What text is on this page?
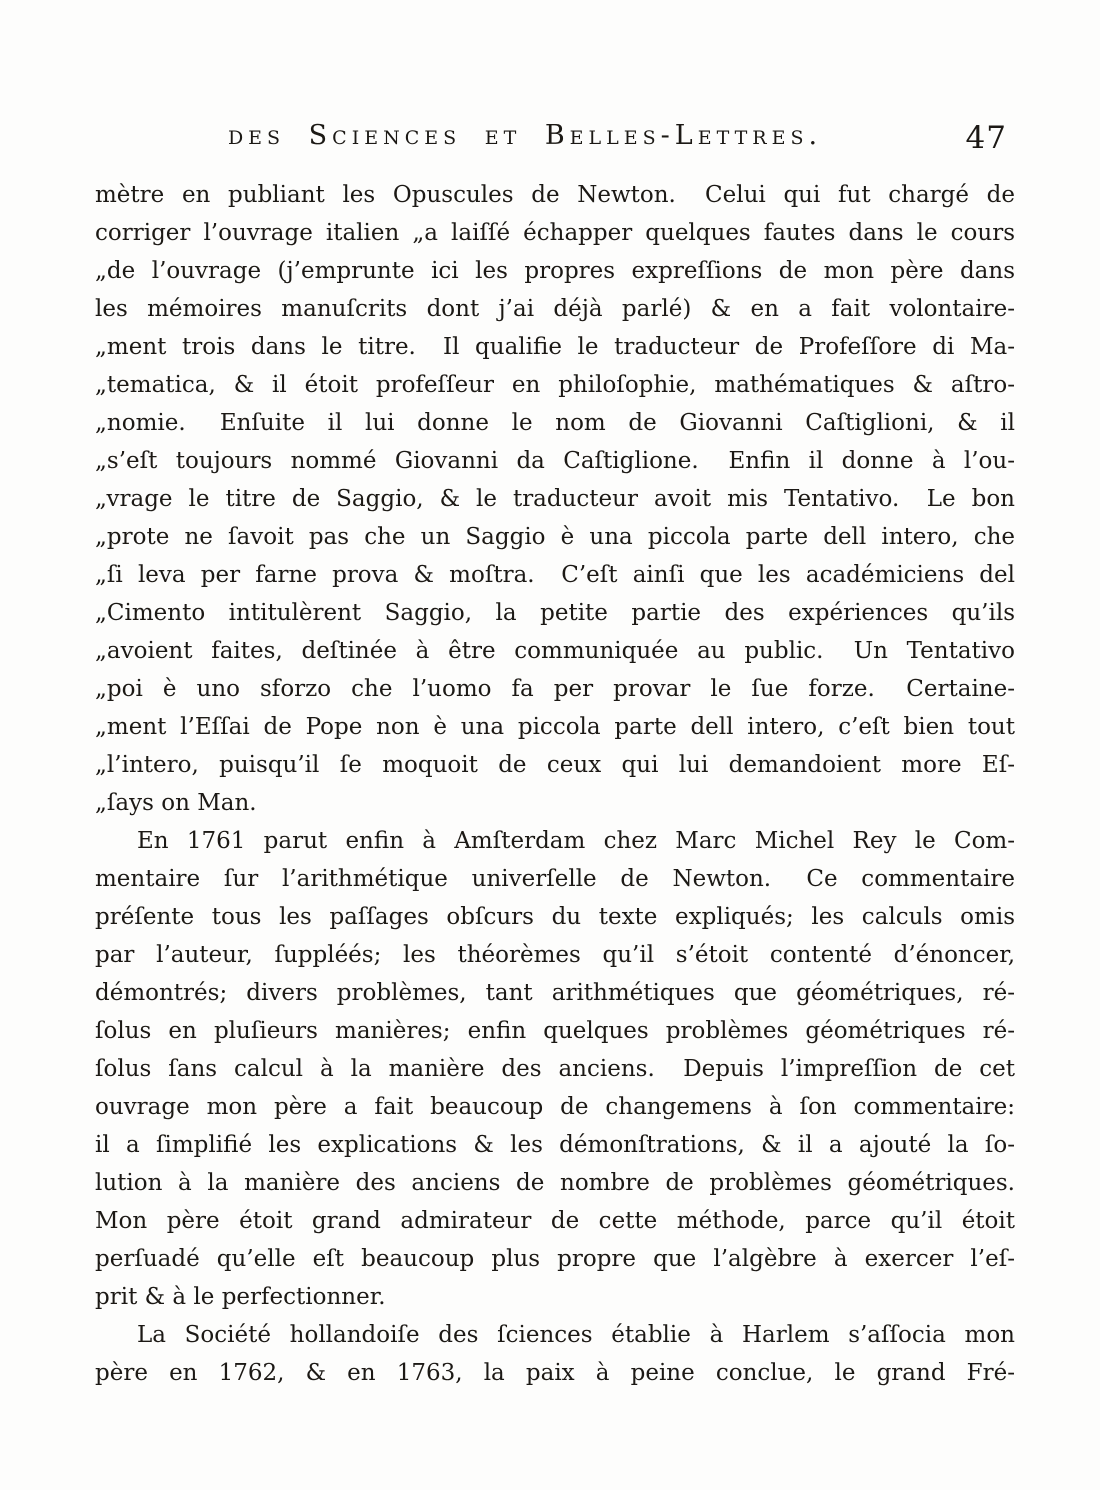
des Sciences et Belles-Lettres.	47
mètre en publiant les Opuscules de Newton.  Celui qui fut chargé de
corriger l’ouvrage italien „a laiſſé échapper quelques fautes dans le cours
„de l’ouvrage (j’emprunte ici les propres expreſſions de mon père dans
les mémoires manuſcrits dont j’ai déjà parlé) & en a fait volontaire-
„ment trois dans le titre.  Il qualifie le traducteur de Profeſſore di Ma-
„tematica, & il étoit profeſſeur en philoſophie, mathématiques & aſtro-
„nomie.  Enſuite il lui donne le nom de Giovanni Caſtiglioni, & il
„s’eſt toujours nommé Giovanni da Caſtiglione.  Enfin il donne à l’ou-
„vrage le titre de Saggio, & le traducteur avoit mis Tentativo.  Le bon
„prote ne ſavoit pas che un Saggio è una piccola parte dell intero, che
„ſi leva per farne prova & moſtra.  C’eſt ainſi que les académiciens del
„Cimento intitulèrent Saggio, la petite partie des expériences qu’ils
„avoient faites, deſtinée à être communiquée au public.  Un Tentativo
„poi è uno sforzo che l’uomo fa per provar le ſue forze.  Certaine-
„ment l’Eſſai de Pope non è una piccola parte dell intero, c’eſt bien tout
„l’intero, puisqu’il ſe moquoit de ceux qui lui demandoient more Eſ-
„ſays on Man.
En 1761 parut enfin à Amſterdam chez Marc Michel Rey le Com-
mentaire ſur l’arithmétique univerſelle de Newton.  Ce commentaire
préſente tous les paſſages obſcurs du texte expliqués; les calculs omis
par l’auteur, ſuppléés; les théorèmes qu’il s’étoit contenté d’énoncer,
démontrés; divers problèmes, tant arithmétiques que géométriques, ré-
ſolus en pluſieurs manières; enfin quelques problèmes géométriques ré-
ſolus ſans calcul à la manière des anciens.  Depuis l’impreſſion de cet
ouvrage mon père a fait beaucoup de changemens à ſon commentaire:
il a ſimplifié les explications & les démonſtrations, & il a ajouté la ſo-
lution à la manière des anciens de nombre de problèmes géométriques.
Mon père étoit grand admirateur de cette méthode, parce qu’il étoit
perſuadé qu’elle eſt beaucoup plus propre que l’algèbre à exercer l’eſ-
prit & à le perfectionner.
La Société hollandoiſe des ſciences établie à Harlem s’aſſocia mon
père en 1762, & en 1763, la paix à peine conclue, le grand Fré-
